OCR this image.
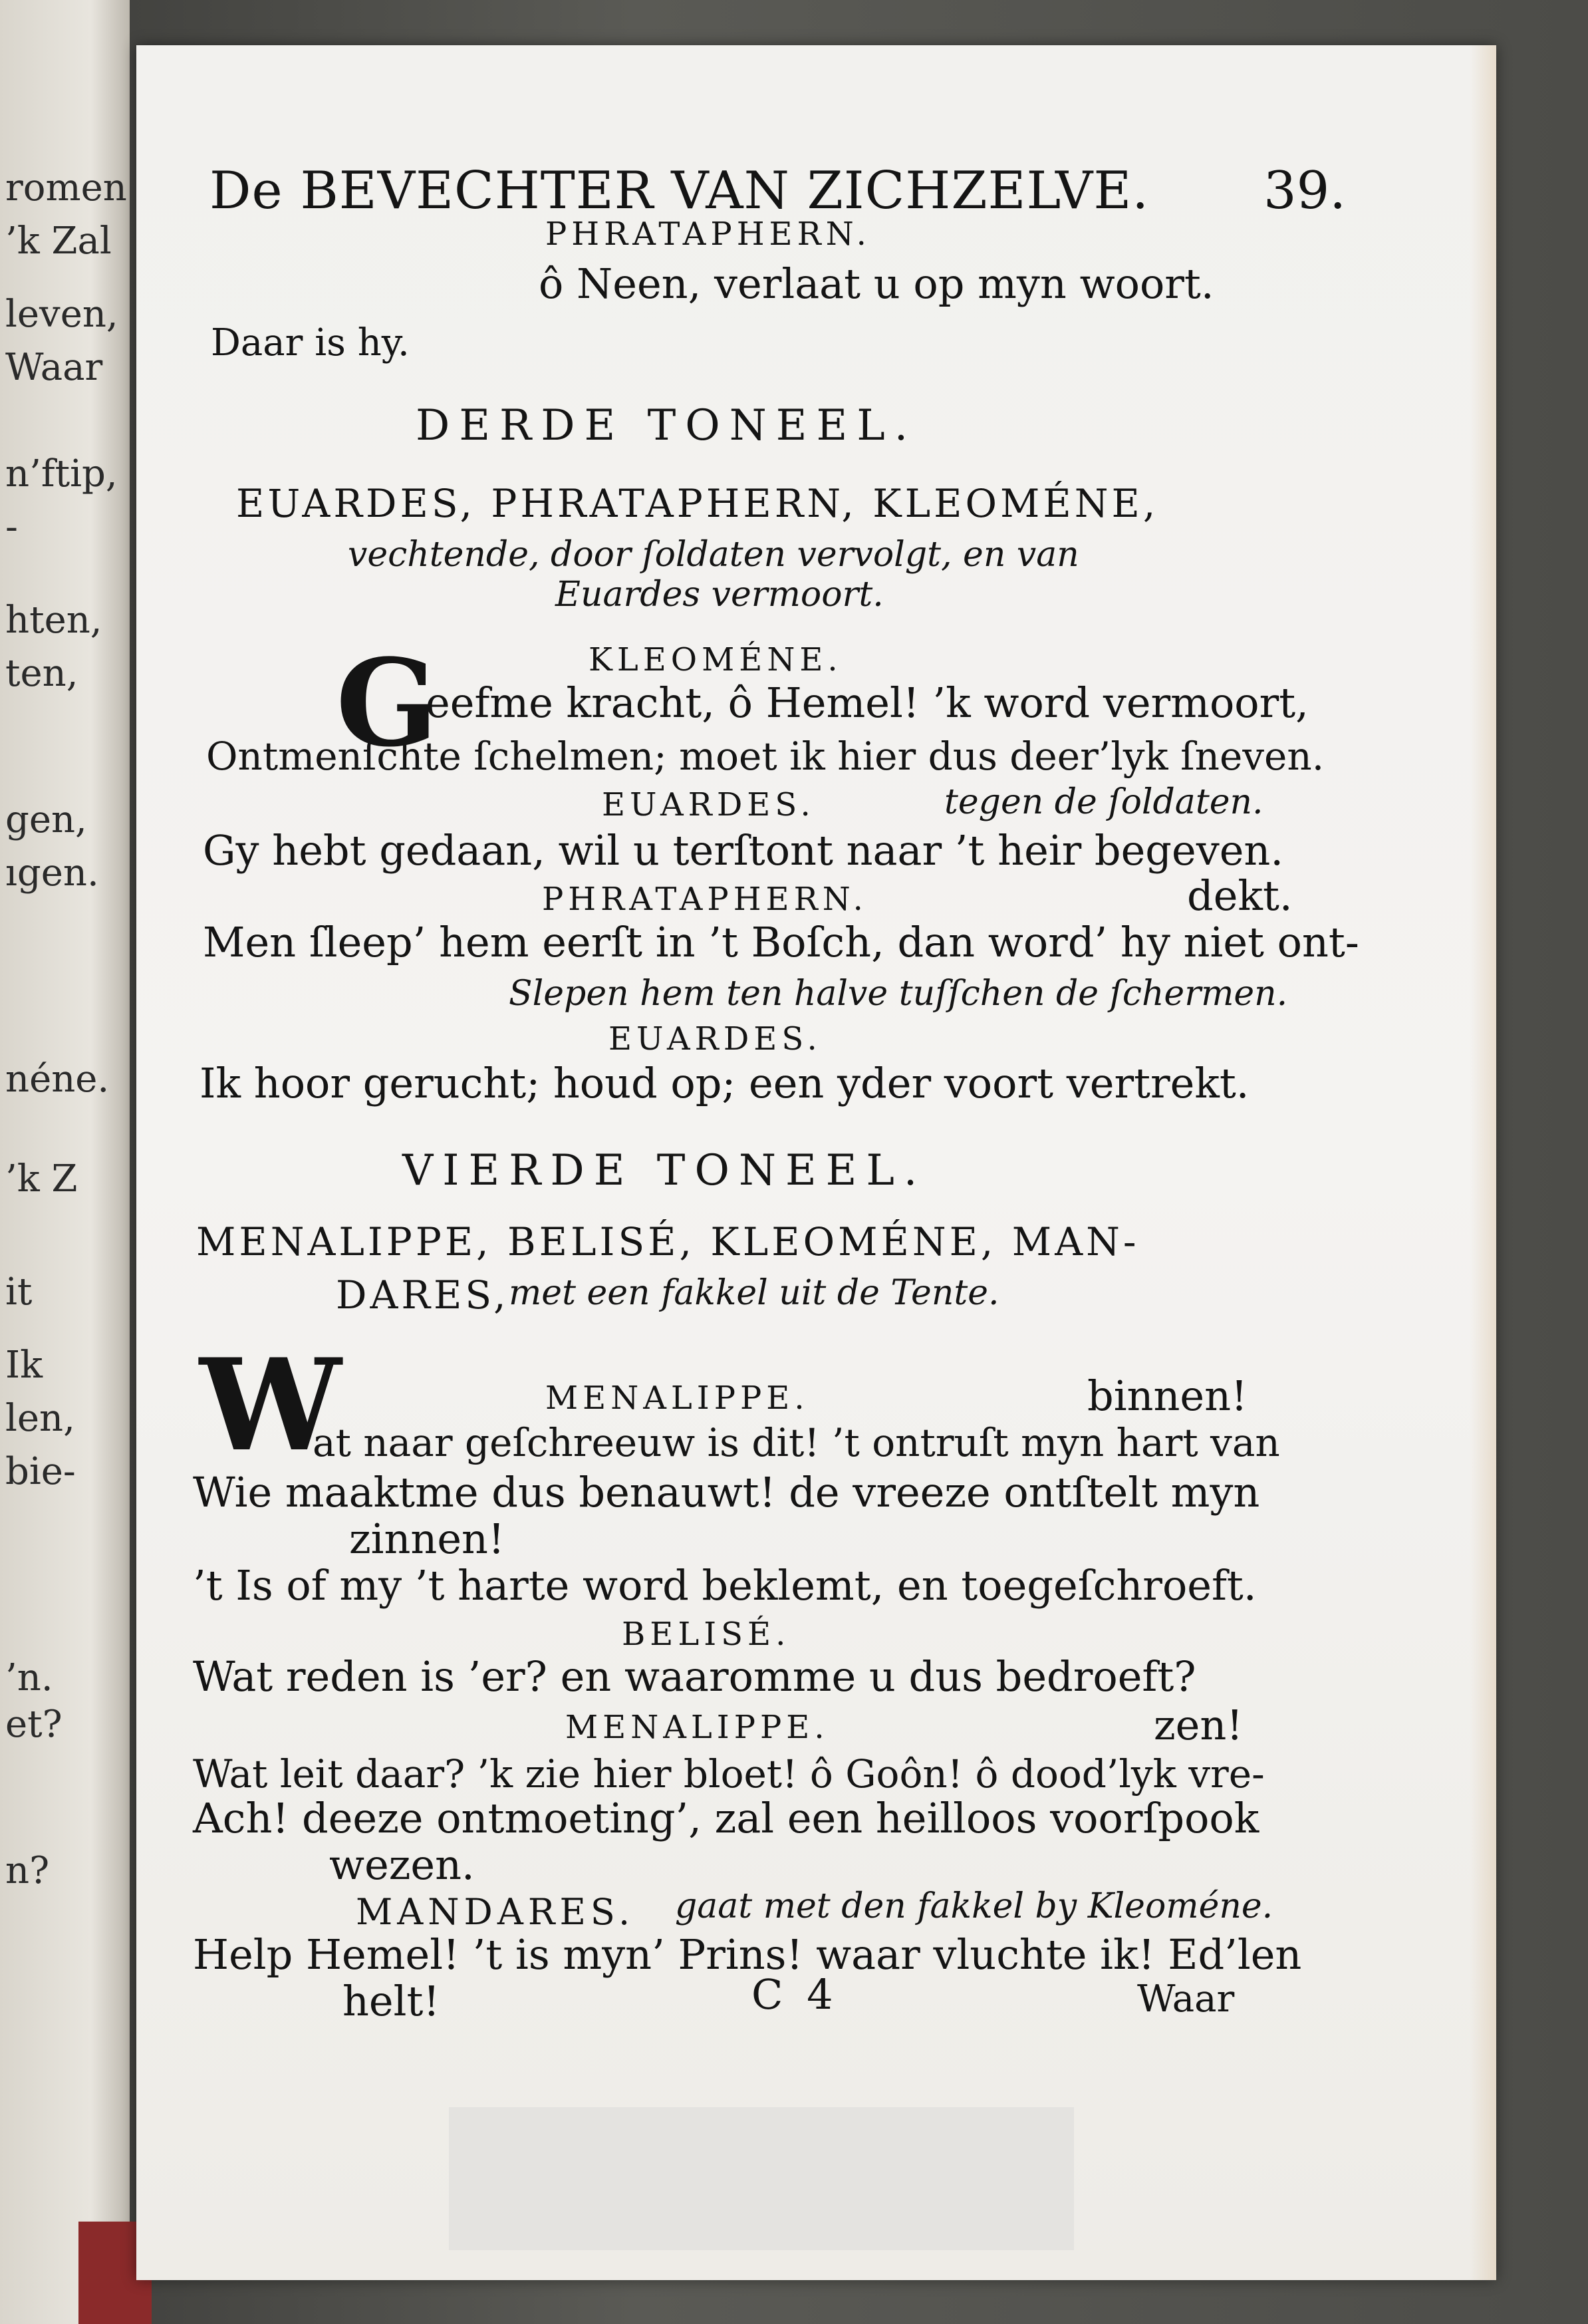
romen
’k Zal
leven,
Waar
n’ftip,
-
hten,
ten,
gen,
ıgen.
néne.
’k Z
it
Ik
len,
bie-
’n.
et?
n?
De BEVECHTER VAN ZICHZELVE. 39.
PHRATAPHERN.
ô Neen, verlaat u op myn woort.
Daar is hy.
DERDE TONEEL.
EUARDES, PHRATAPHERN, KLEOMÉNE,
vechtende, door ſoldaten vervolgt, en van
Euardes vermoort.
G	KLEOMÉNE.
eefme kracht, ô Hemel! ’k word vermoort,
Ontmenſchte ſchelmen; moet ik hier dus deer’lyk ſneven.
EUARDES.	tegen de ſoldaten.
Gy hebt gedaan, wil u terſtont naar ’t heir begeven.
PHRATAPHERN.	dekt.
Men ſleep’ hem eerſt in ’t Boſch, dan word’ hy niet ont-
Slepen hem ten halve tuſſchen de ſchermen.
EUARDES.
Ik hoor gerucht; houd op; een yder voort vertrekt.
VIERDE TONEEL.
MENALIPPE, BELISÉ, KLEOMÉNE, MAN-
DARES, met een fakkel uit de Tente.
W	MENALIPPE.	binnen!
at naar geſchreeuw is dit! ’t ontruſt myn hart van
Wie maaktme dus benauwt! de vreeze ontſtelt myn
zinnen!
’t Is of my ’t harte word beklemt, en toegeſchroeft.
BELISÉ.
Wat reden is ’er? en waaromme u dus bedroeft?
MENALIPPE.	zen!
Wat leit daar? ’k zie hier bloet! ô Goôn! ô dood’lyk vre-
Ach! deeze ontmoeting’, zal een heilloos voorſpook
wezen.
MANDARES. gaat met den fakkel by Kleoméne.
Help Hemel! ’t is myn’ Prins! waar vluchte ik! Ed’len
helt!	C 4	Waar
